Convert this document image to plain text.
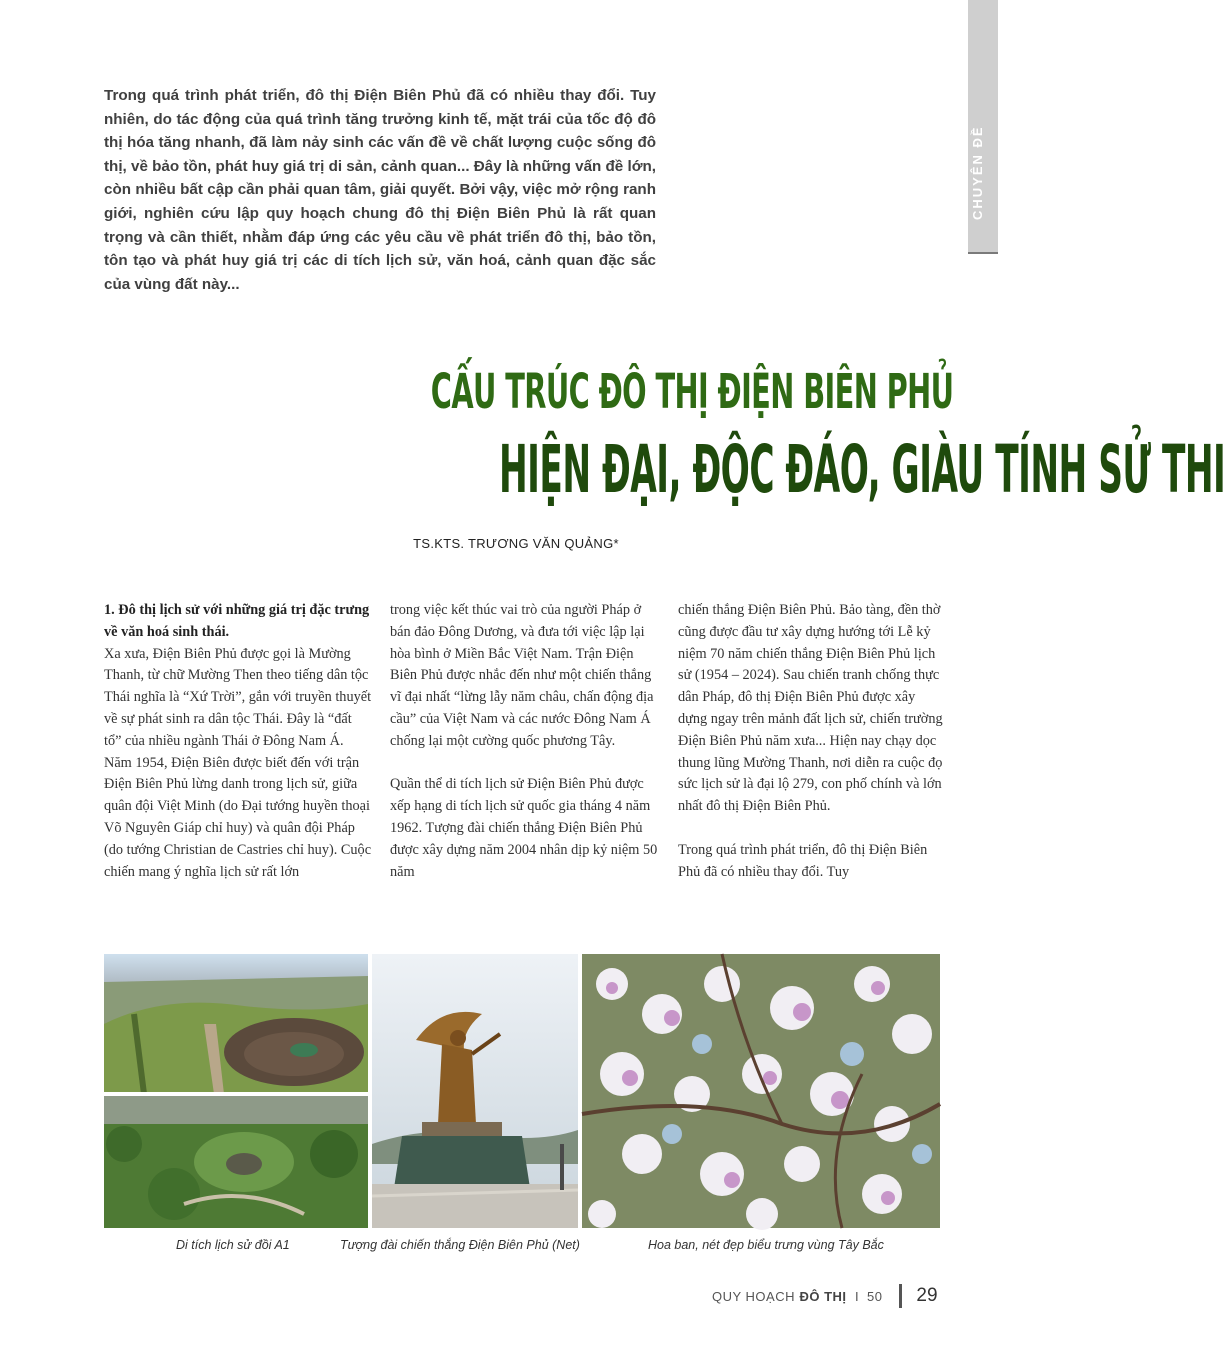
CHUYÊN ĐỀ

Trong quá trình phát triển, đô thị Điện Biên Phủ đã có nhiều thay đổi. Tuy nhiên, do tác động của quá trình tăng trưởng kinh tế, mặt trái của tốc độ đô thị hóa tăng nhanh, đã làm nảy sinh các vấn đề về chất lượng cuộc sống đô thị, về bảo tồn, phát huy giá trị di sản, cảnh quan... Đây là những vấn đề lớn, còn nhiều bất cập cần phải quan tâm, giải quyết. Bởi vậy, việc mở rộng ranh giới, nghiên cứu lập quy hoạch chung đô thị Điện Biên Phủ là rất quan trọng và cần thiết, nhằm đáp ứng các yêu cầu về phát triển đô thị, bảo tồn, tôn tạo và phát huy giá trị các di tích lịch sử, văn hoá, cảnh quan đặc sắc của vùng đất này...

CẤU TRÚC ĐÔ THỊ ĐIỆN BIÊN PHỦ
HIỆN ĐẠI, ĐỘC ĐÁO, GIÀU TÍNH SỬ THI
TS.KTS. TRƯƠNG VĂN QUẢNG*

1. Đô thị lịch sử với những giá trị đặc trưng về văn hoá sinh thái.
Xa xưa, Điện Biên Phủ được gọi là Mường Thanh, từ chữ Mường Then theo tiếng dân tộc Thái nghĩa là “Xứ Trời”, gắn với truyền thuyết về sự phát sinh ra dân tộc Thái. Đây là “đất tổ” của nhiều ngành Thái ở Đông Nam Á. Năm 1954, Điện Biên được biết đến với trận Điện Biên Phủ lừng danh trong lịch sử, giữa quân đội Việt Minh (do Đại tướng huyền thoại Võ Nguyên Giáp chỉ huy) và quân đội Pháp (do tướng Christian de Castries chỉ huy). Cuộc chiến mang ý nghĩa lịch sử rất lớn

trong việc kết thúc vai trò của người Pháp ở bán đảo Đông Dương, và đưa tới việc lập lại hòa bình ở Miền Bắc Việt Nam. Trận Điện Biên Phủ được nhắc đến như một chiến thắng vĩ đại nhất “lừng lẫy năm châu, chấn động địa cầu” của Việt Nam và các nước Đông Nam Á chống lại một cường quốc phương Tây.

Quần thể di tích lịch sử Điện Biên Phủ được xếp hạng di tích lịch sử quốc gia tháng 4 năm 1962. Tượng đài chiến thắng Điện Biên Phủ được xây dựng năm 2004 nhân dịp kỷ niệm 50 năm

chiến thắng Điện Biên Phủ. Bảo tàng, đền thờ cũng được đầu tư xây dựng hướng tới Lễ kỷ niệm 70 năm chiến thắng Điện Biên Phủ lịch sử (1954 – 2024). Sau chiến tranh chống thực dân Pháp, đô thị Điện Biên Phủ được xây dựng ngay trên mảnh đất lịch sử, chiến trường Điện Biên Phủ năm xưa... Hiện nay chạy dọc thung lũng Mường Thanh, nơi diễn ra cuộc đọ sức lịch sử là đại lộ 279, con phố chính và lớn nhất đô thị Điện Biên Phủ.

Trong quá trình phát triển, đô thị Điện Biên Phủ đã có nhiều thay đổi. Tuy

Di tích lịch sử đồi A1	Tượng đài chiến thắng Điện Biên Phủ (Net)	Hoa ban, nét đẹp biểu trưng vùng Tây Bắc
QUY HOẠCH ĐÔ THỊ I 50 29
